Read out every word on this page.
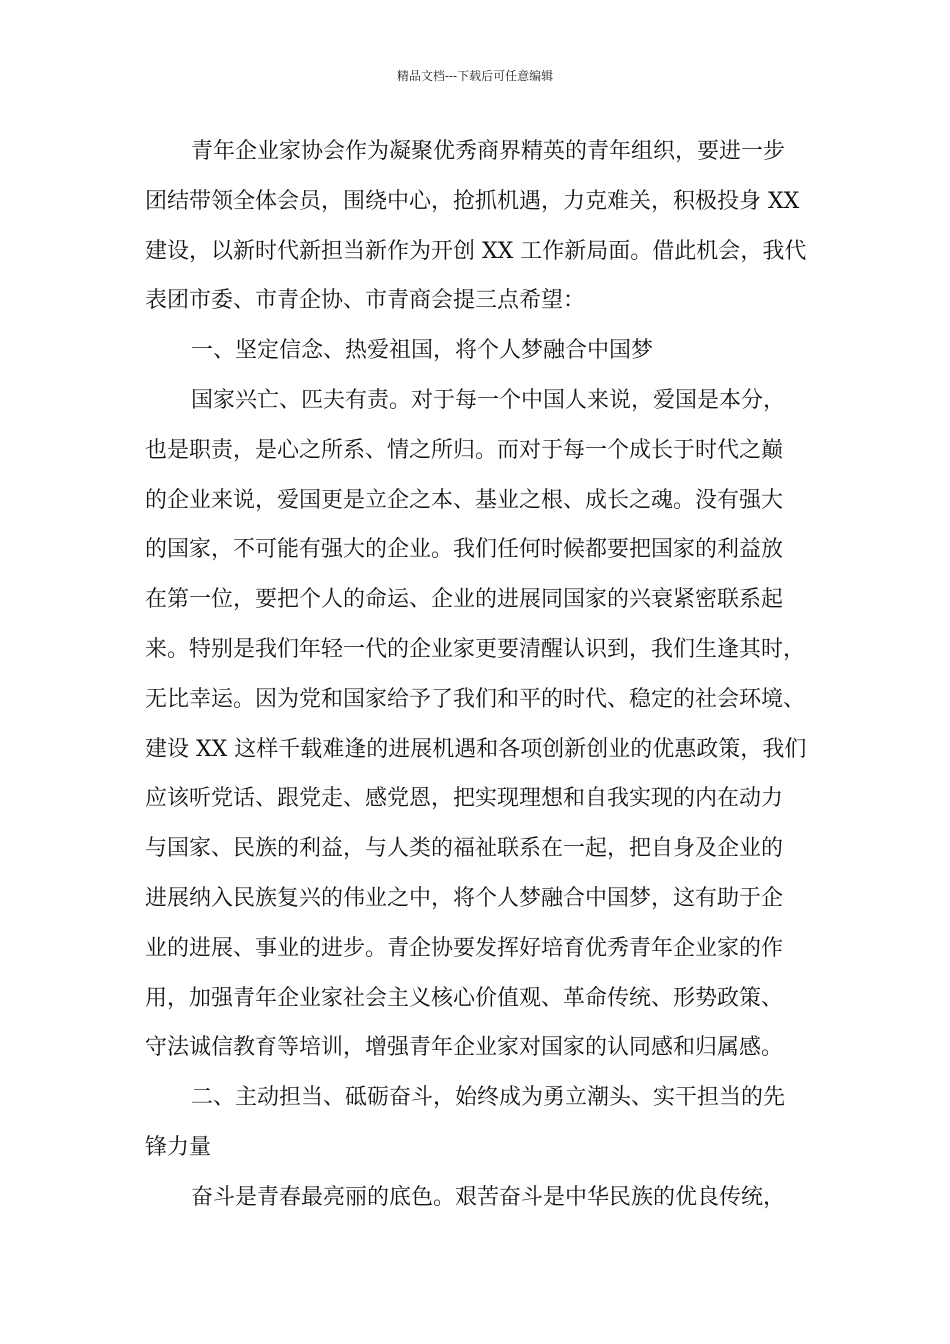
精品文档---下载后可任意编辑
青年企业家协会作为凝聚优秀商界精英的青年组织，要进一步
团结带领全体会员，围绕中心，抢抓机遇，力克难关，积极投身 XX
建设，以新时代新担当新作为开创 XX 工作新局面。借此机会，我代
表团市委、市青企协、市青商会提三点希望：
一、坚定信念、热爱祖国，将个人梦融合中国梦
国家兴亡、匹夫有责。对于每一个中国人来说，爱国是本分，
也是职责，是心之所系、情之所归。而对于每一个成长于时代之巅
的企业来说，爱国更是立企之本、基业之根、成长之魂。没有强大
的国家，不可能有强大的企业。我们任何时候都要把国家的利益放
在第一位，要把个人的命运、企业的进展同国家的兴衰紧密联系起
来。特别是我们年轻一代的企业家更要清醒认识到，我们生逢其时，
无比幸运。因为党和国家给予了我们和平的时代、稳定的社会环境、
建设 XX 这样千载难逢的进展机遇和各项创新创业的优惠政策，我们
应该听党话、跟党走、感党恩，把实现理想和自我实现的内在动力
与国家、民族的利益，与人类的福祉联系在一起，把自身及企业的
进展纳入民族复兴的伟业之中，将个人梦融合中国梦，这有助于企
业的进展、事业的进步。青企协要发挥好培育优秀青年企业家的作
用，加强青年企业家社会主义核心价值观、革命传统、形势政策、
守法诚信教育等培训，增强青年企业家对国家的认同感和归属感。
二、主动担当、砥砺奋斗，始终成为勇立潮头、实干担当的先
锋力量
奋斗是青春最亮丽的底色。艰苦奋斗是中华民族的优良传统，
